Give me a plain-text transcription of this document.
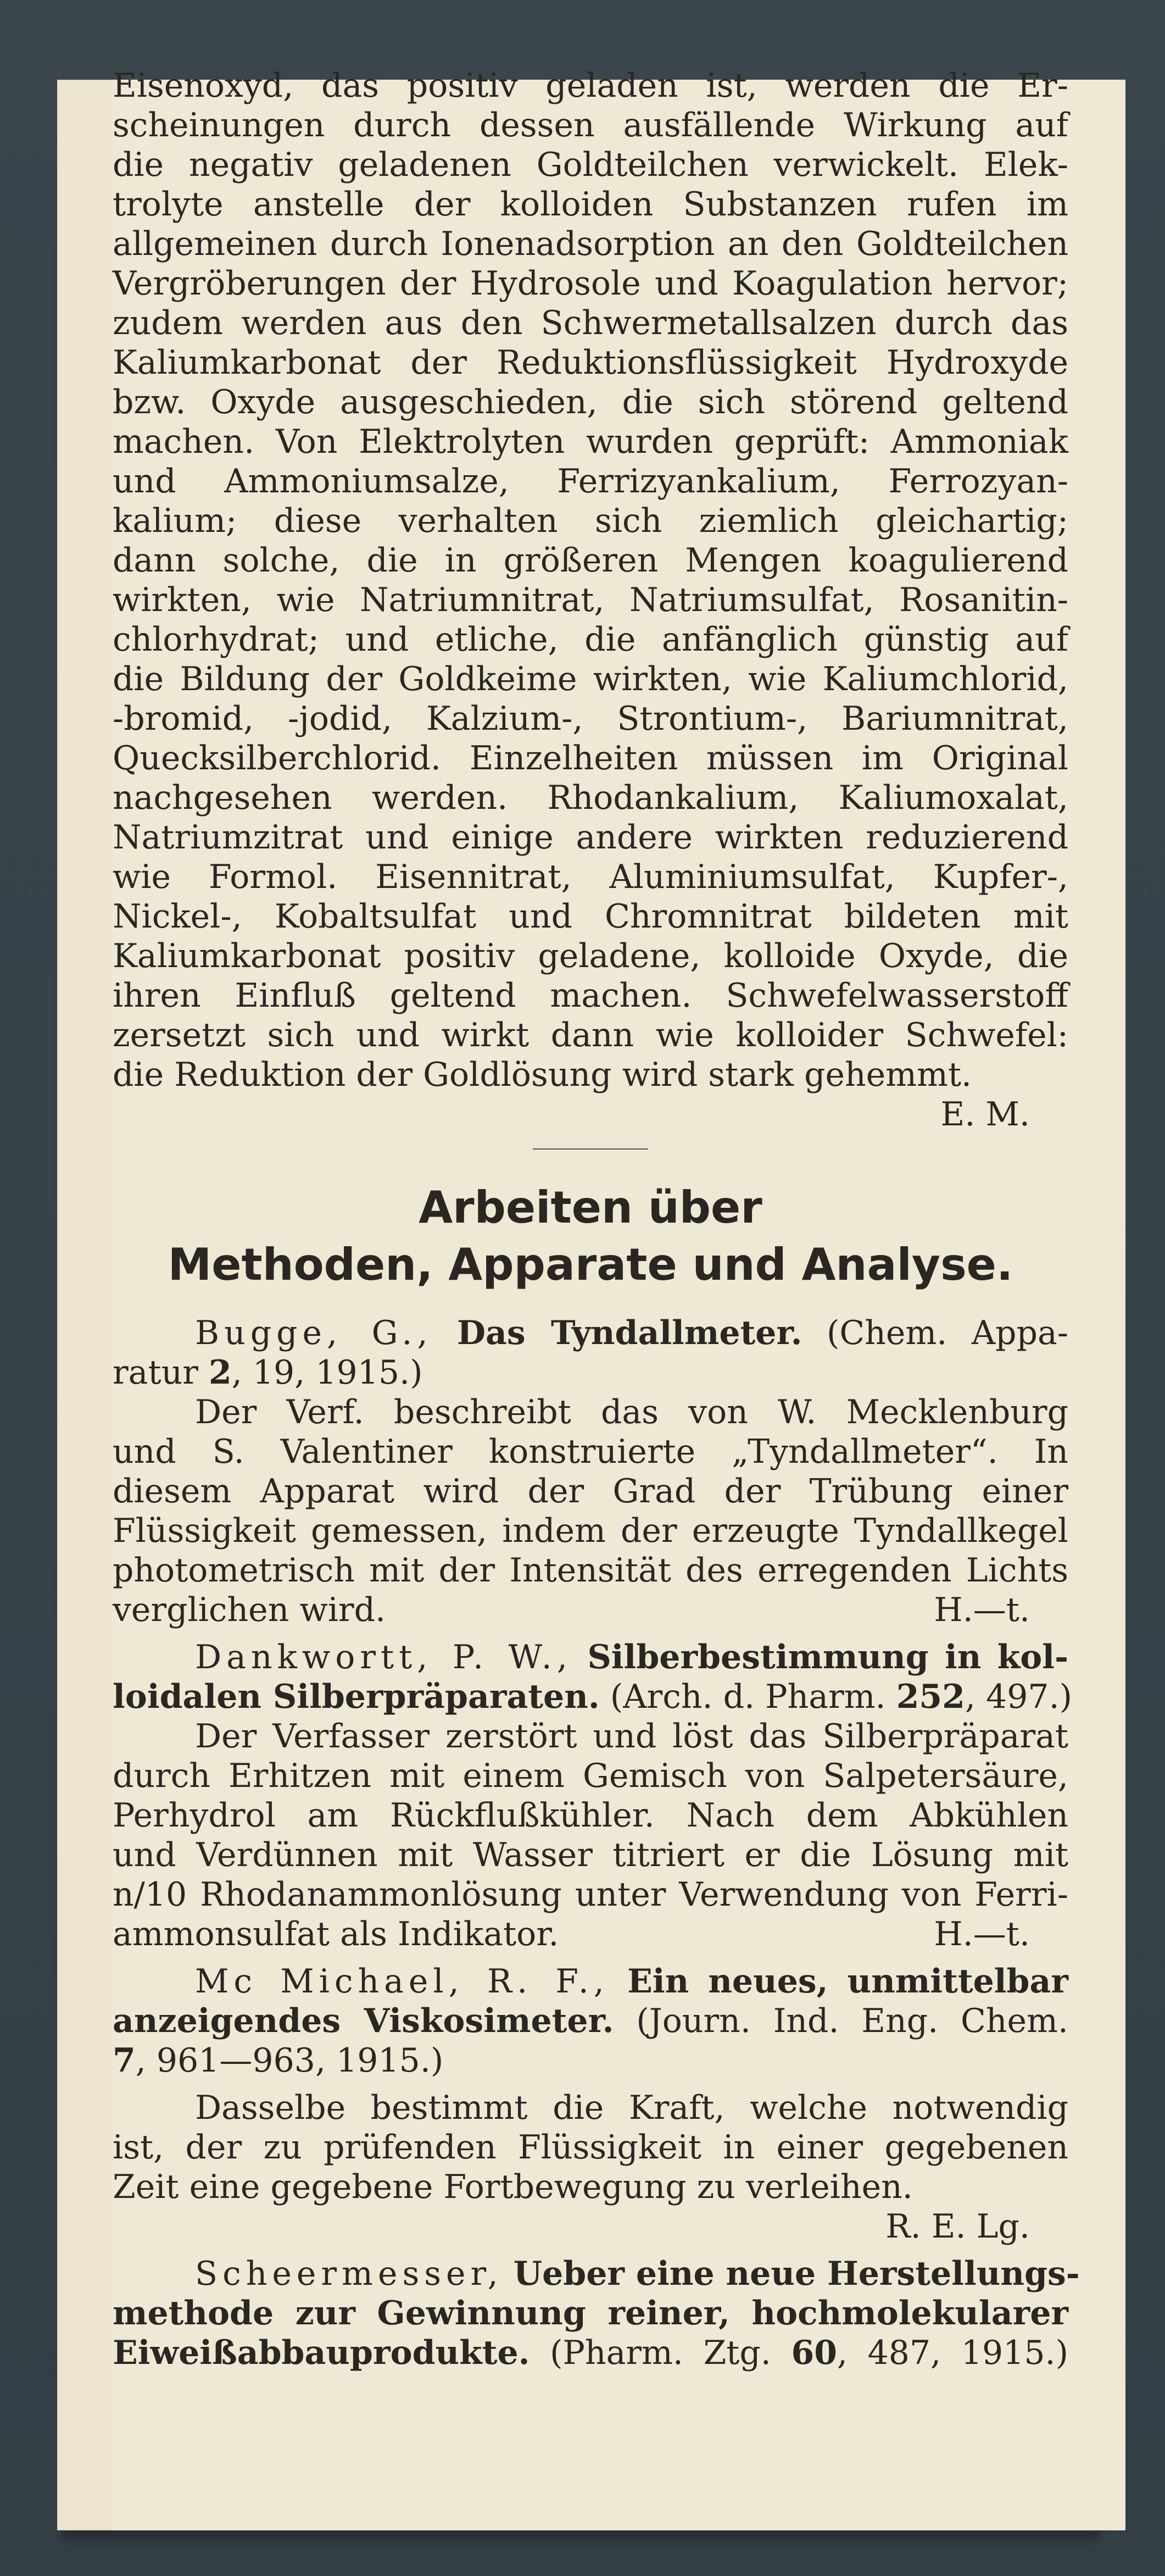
Eisenoxyd, das positiv geladen ist, werden die Er-
scheinungen durch dessen ausfällende Wirkung auf
die negativ geladenen Goldteilchen verwickelt. Elek-
trolyte anstelle der kolloiden Substanzen rufen im
allgemeinen durch Ionenadsorption an den Goldteilchen
Vergröberungen der Hydrosole und Koagulation hervor;
zudem werden aus den Schwermetallsalzen durch das
Kaliumkarbonat der Reduktionsflüssigkeit Hydroxyde
bzw. Oxyde ausgeschieden, die sich störend geltend
machen. Von Elektrolyten wurden geprüft: Ammoniak
und Ammoniumsalze, Ferrizyankalium, Ferrozyan-
kalium; diese verhalten sich ziemlich gleichartig;
dann solche, die in größeren Mengen koagulierend
wirkten, wie Natriumnitrat, Natriumsulfat, Rosanitin-
chlorhydrat; und etliche, die anfänglich günstig auf
die Bildung der Goldkeime wirkten, wie Kaliumchlorid,
-bromid, -jodid, Kalzium-, Strontium-, Bariumnitrat,
Quecksilberchlorid. Einzelheiten müssen im Original
nachgesehen werden. Rhodankalium, Kaliumoxalat,
Natriumzitrat und einige andere wirkten reduzierend
wie Formol. Eisennitrat, Aluminiumsulfat, Kupfer-,
Nickel-, Kobaltsulfat und Chromnitrat bildeten mit
Kaliumkarbonat positiv geladene, kolloide Oxyde, die
ihren Einfluß geltend machen. Schwefelwasserstoff
zersetzt sich und wirkt dann wie kolloider Schwefel:
die Reduktion der Goldlösung wird stark gehemmt.
E. M.
Arbeiten über
Methoden, Apparate und Analyse.
Bugge, G., Das Tyndallmeter. (Chem. Appa-
ratur 2, 19, 1915.)
Der Verf. beschreibt das von W. Mecklenburg
und S. Valentiner konstruierte „Tyndallmeter“. In
diesem Apparat wird der Grad der Trübung einer
Flüssigkeit gemessen, indem der erzeugte Tyndallkegel
photometrisch mit der Intensität des erregenden Lichts
verglichen wird.	H.—t.
Dankwortt, P. W., Silberbestimmung in kol-
loidalen Silberpräparaten. (Arch. d. Pharm. 252, 497.)
Der Verfasser zerstört und löst das Silberpräparat
durch Erhitzen mit einem Gemisch von Salpetersäure,
Perhydrol am Rückflußkühler. Nach dem Abkühlen
und Verdünnen mit Wasser titriert er die Lösung mit
n/10 Rhodanammonlösung unter Verwendung von Ferri-
ammonsulfat als Indikator.	H.—t.
Mc Michael, R. F., Ein neues, unmittelbar
anzeigendes Viskosimeter. (Journ. Ind. Eng. Chem.
7, 961—963, 1915.)
Dasselbe bestimmt die Kraft, welche notwendig
ist, der zu prüfenden Flüssigkeit in einer gegebenen
Zeit eine gegebene Fortbewegung zu verleihen.
R. E. Lg.
Scheermesser, Ueber eine neue Herstellungs-
methode zur Gewinnung reiner, hochmolekularer
Eiweißabbauprodukte. (Pharm. Ztg. 60, 487, 1915.)
